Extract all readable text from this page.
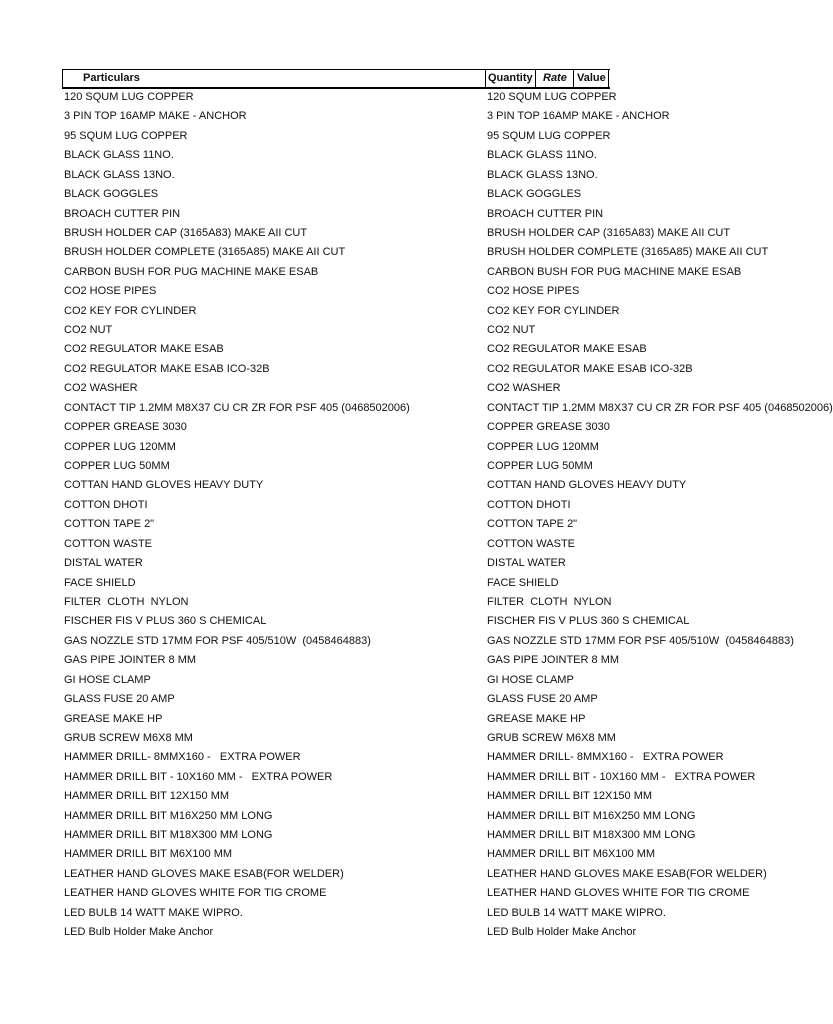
Particulars	Quantity Rate Value
120 SQUM LUG COPPER	120 SQUM LUG COPPER
3 PIN TOP 16AMP MAKE - ANCHOR	3 PIN TOP 16AMP MAKE - ANCHOR
95 SQUM LUG COPPER	95 SQUM LUG COPPER
BLACK GLASS 11NO.	BLACK GLASS 11NO.
BLACK GLASS 13NO.	BLACK GLASS 13NO.
BLACK GOGGLES	BLACK GOGGLES
BROACH CUTTER PIN	BROACH CUTTER PIN
BRUSH HOLDER CAP (3165A83) MAKE AII CUT	BRUSH HOLDER CAP (3165A83) MAKE AII CUT
BRUSH HOLDER COMPLETE (3165A85) MAKE AII CUT	BRUSH HOLDER COMPLETE (3165A85) MAKE AII CUT
CARBON BUSH FOR PUG MACHINE MAKE ESAB	CARBON BUSH FOR PUG MACHINE MAKE ESAB
CO2 HOSE PIPES	CO2 HOSE PIPES
CO2 KEY FOR CYLINDER	CO2 KEY FOR CYLINDER
CO2 NUT	CO2 NUT
CO2 REGULATOR MAKE ESAB	CO2 REGULATOR MAKE ESAB
CO2 REGULATOR MAKE ESAB ICO-32B	CO2 REGULATOR MAKE ESAB ICO-32B
CO2 WASHER	CO2 WASHER
CONTACT TIP 1.2MM M8X37 CU CR ZR FOR PSF 405 (0468502006)	CONTACT TIP 1.2MM M8X37 CU CR ZR FOR PSF 405 (0468502006)
COPPER GREASE 3030	COPPER GREASE 3030
COPPER LUG 120MM	COPPER LUG 120MM
COPPER LUG 50MM	COPPER LUG 50MM
COTTAN HAND GLOVES HEAVY DUTY	COTTAN HAND GLOVES HEAVY DUTY
COTTON DHOTI	COTTON DHOTI
COTTON TAPE 2"	COTTON TAPE 2"
COTTON WASTE	COTTON WASTE
DISTAL WATER	DISTAL WATER
FACE SHIELD	FACE SHIELD
FILTER  CLOTH  NYLON	FILTER  CLOTH  NYLON
FISCHER FIS V PLUS 360 S CHEMICAL	FISCHER FIS V PLUS 360 S CHEMICAL
GAS NOZZLE STD 17MM FOR PSF 405/510W  (0458464883)	GAS NOZZLE STD 17MM FOR PSF 405/510W  (0458464883)
GAS PIPE JOINTER 8 MM	GAS PIPE JOINTER 8 MM
GI HOSE CLAMP	GI HOSE CLAMP
GLASS FUSE 20 AMP	GLASS FUSE 20 AMP
GREASE MAKE HP	GREASE MAKE HP
GRUB SCREW M6X8 MM	GRUB SCREW M6X8 MM
HAMMER DRILL- 8MMX160 -   EXTRA POWER	HAMMER DRILL- 8MMX160 -   EXTRA POWER
HAMMER DRILL BIT - 10X160 MM -   EXTRA POWER	HAMMER DRILL BIT - 10X160 MM -   EXTRA POWER
HAMMER DRILL BIT 12X150 MM	HAMMER DRILL BIT 12X150 MM
HAMMER DRILL BIT M16X250 MM LONG	HAMMER DRILL BIT M16X250 MM LONG
HAMMER DRILL BIT M18X300 MM LONG	HAMMER DRILL BIT M18X300 MM LONG
HAMMER DRILL BIT M6X100 MM	HAMMER DRILL BIT M6X100 MM
LEATHER HAND GLOVES MAKE ESAB(FOR WELDER)	LEATHER HAND GLOVES MAKE ESAB(FOR WELDER)
LEATHER HAND GLOVES WHITE FOR TIG CROME	LEATHER HAND GLOVES WHITE FOR TIG CROME
LED BULB 14 WATT MAKE WIPRO.	LED BULB 14 WATT MAKE WIPRO.
LED Bulb Holder Make Anchor	LED Bulb Holder Make Anchor
